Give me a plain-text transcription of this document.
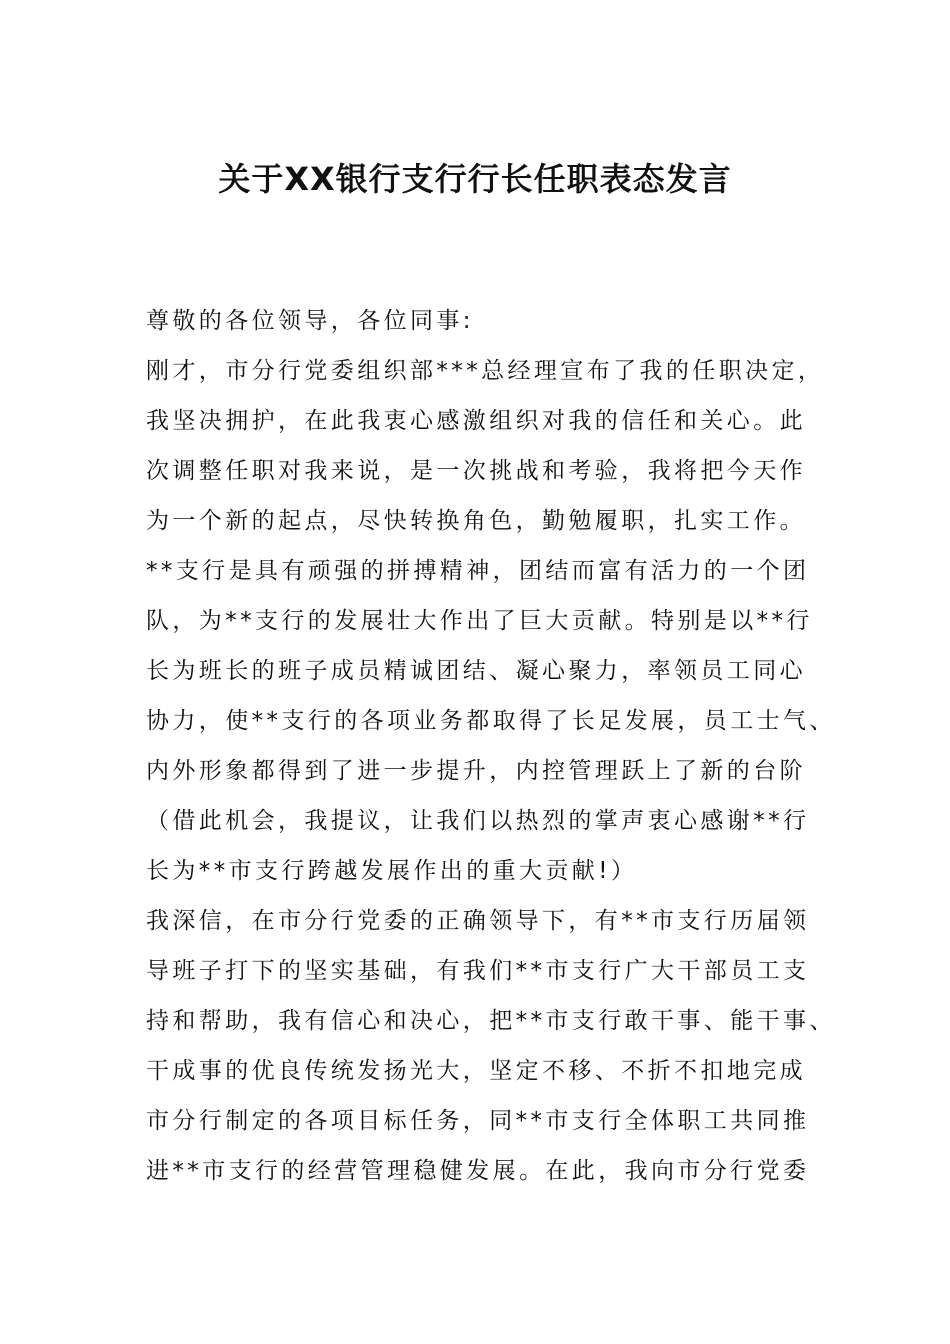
关于XX银行支行行长任职表态发言

尊敬的各位领导，各位同事:

刚才，市分行党委组织部***总经理宣布了我的任职决定，

我坚决拥护，在此我衷心感激组织对我的信任和关心。此

次调整任职对我来说，是一次挑战和考验，我将把今天作

为一个新的起点，尽快转换角色，勤勉履职，扎实工作。

**支行是具有顽强的拼搏精神，团结而富有活力的一个团

队，为**支行的发展壮大作出了巨大贡献。特别是以**行

长为班长的班子成员精诚团结、凝心聚力，率领员工同心

协力，使**支行的各项业务都取得了长足发展，员工士气、

内外形象都得到了进一步提升，内控管理跃上了新的台阶

（借此机会，我提议，让我们以热烈的掌声衷心感谢**行

长为**市支行跨越发展作出的重大贡献!）

我深信，在市分行党委的正确领导下，有**市支行历届领

导班子打下的坚实基础，有我们**市支行广大干部员工支

持和帮助，我有信心和决心，把**市支行敢干事、能干事、

干成事的优良传统发扬光大，坚定不移、不折不扣地完成

市分行制定的各项目标任务，同**市支行全体职工共同推

进**市支行的经营管理稳健发展。在此，我向市分行党委
